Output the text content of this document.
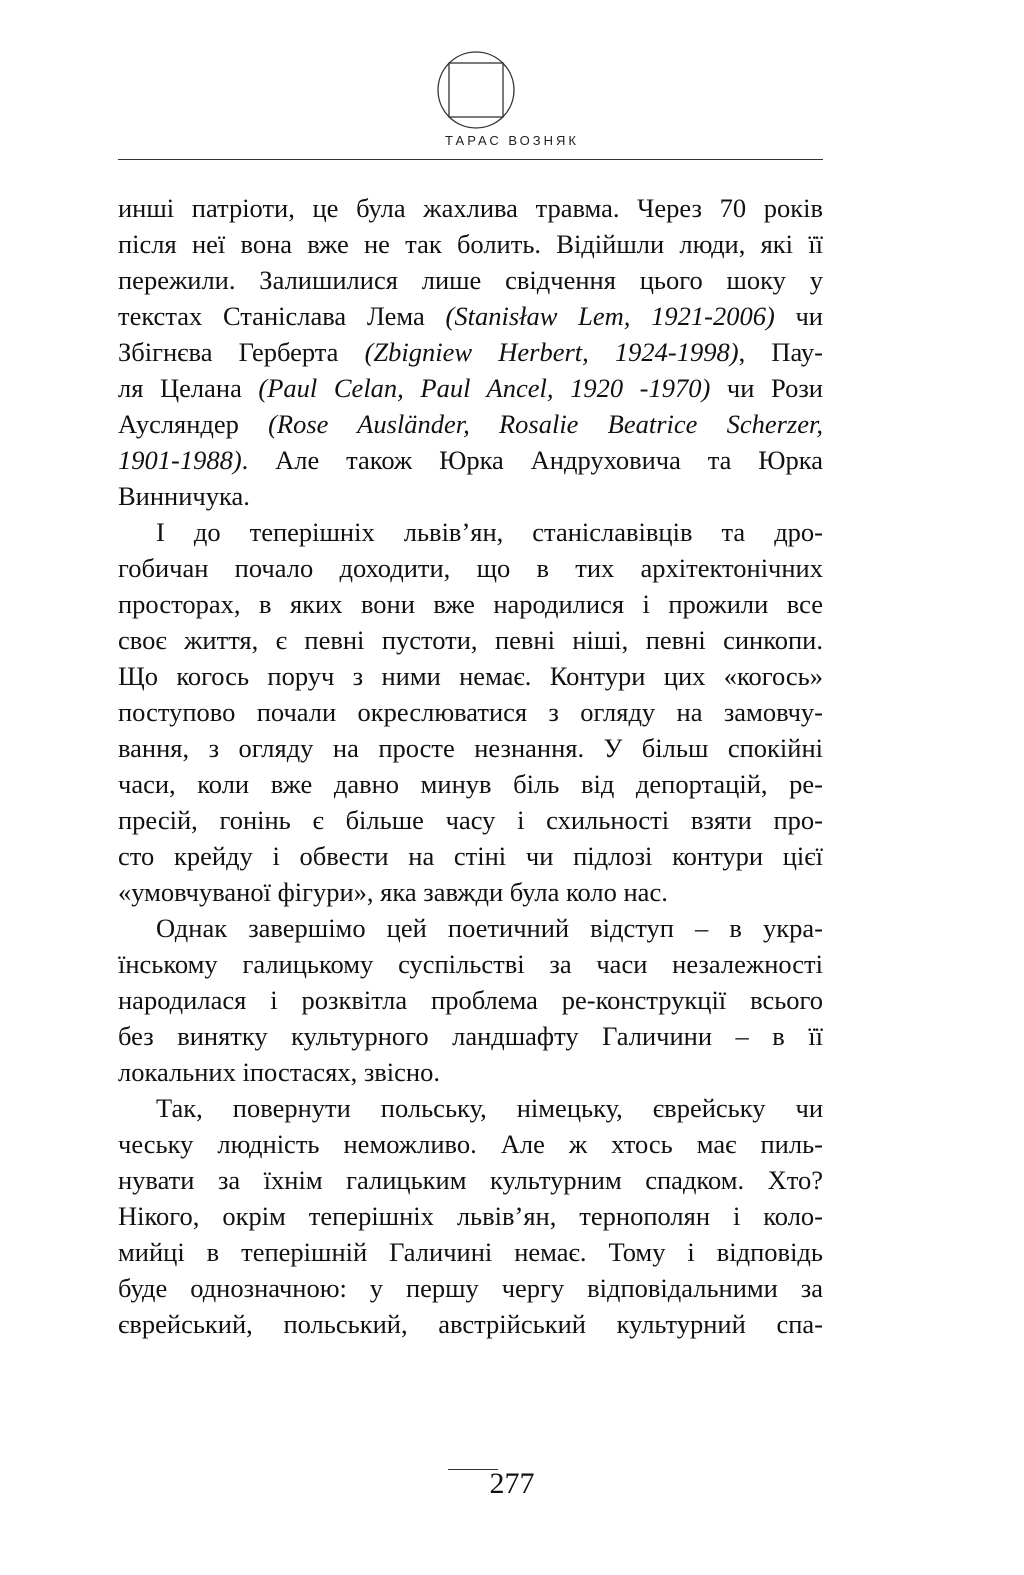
ТАРАС ВОЗНЯК
инші патріоти, це була жахлива травма. Через 70 років
після неї вона вже не так болить. Відійшли люди, які її
пережили. Залишилися лише свідчення цього шоку у
текстах Станіслава Лема (Stanisław Lem, 1921-2006) чи
Збігнєва Герберта (Zbigniew Herbert, 1924-1998), Пау-
ля Целана (Paul Celan, Paul Ancel, 1920 -1970) чи Рози
Аусляндер (Rose Ausländer, Rosalie Beatrice Scherzer,
1901-1988). Але також Юрка Андруховича та Юрка
Винничука.
І до теперішніх львів’ян, станіславівців та дро-
гобичан почало доходити, що в тих архітектонічних
просторах, в яких вони вже народилися і прожили все
своє життя, є певні пустоти, певні ніші, певні синкопи.
Що когось поруч з ними немає. Контури цих «когось»
поступово почали окреслюватися з огляду на замовчу-
вання, з огляду на просте незнання. У більш спокійні
часи, коли вже давно минув біль від депортацій, ре-
пресій, гонінь є більше часу і схильності взяти про-
сто крейду і обвести на стіні чи підлозі контури цієї
«умовчуваної фігури», яка завжди була коло нас.
Однак завершімо цей поетичний відступ – в укра-
їнському галицькому суспільстві за часи незалежності
народилася і розквітла проблема ре-конструкції всього
без винятку культурного ландшафту Галичини – в її
локальних іпостасях, звісно.
Так, повернути польську, німецьку, єврейську чи
чеську людність неможливо. Але ж хтось має пиль-
нувати за їхнім галицьким культурним спадком. Хто?
Нікого, окрім теперішніх львів’ян, тернополян і коло-
мийці в теперішній Галичині немає. Тому і відповідь
буде однозначною: у першу чергу відповідальними за
єврейський, польський, австрійський культурний спа-
277
